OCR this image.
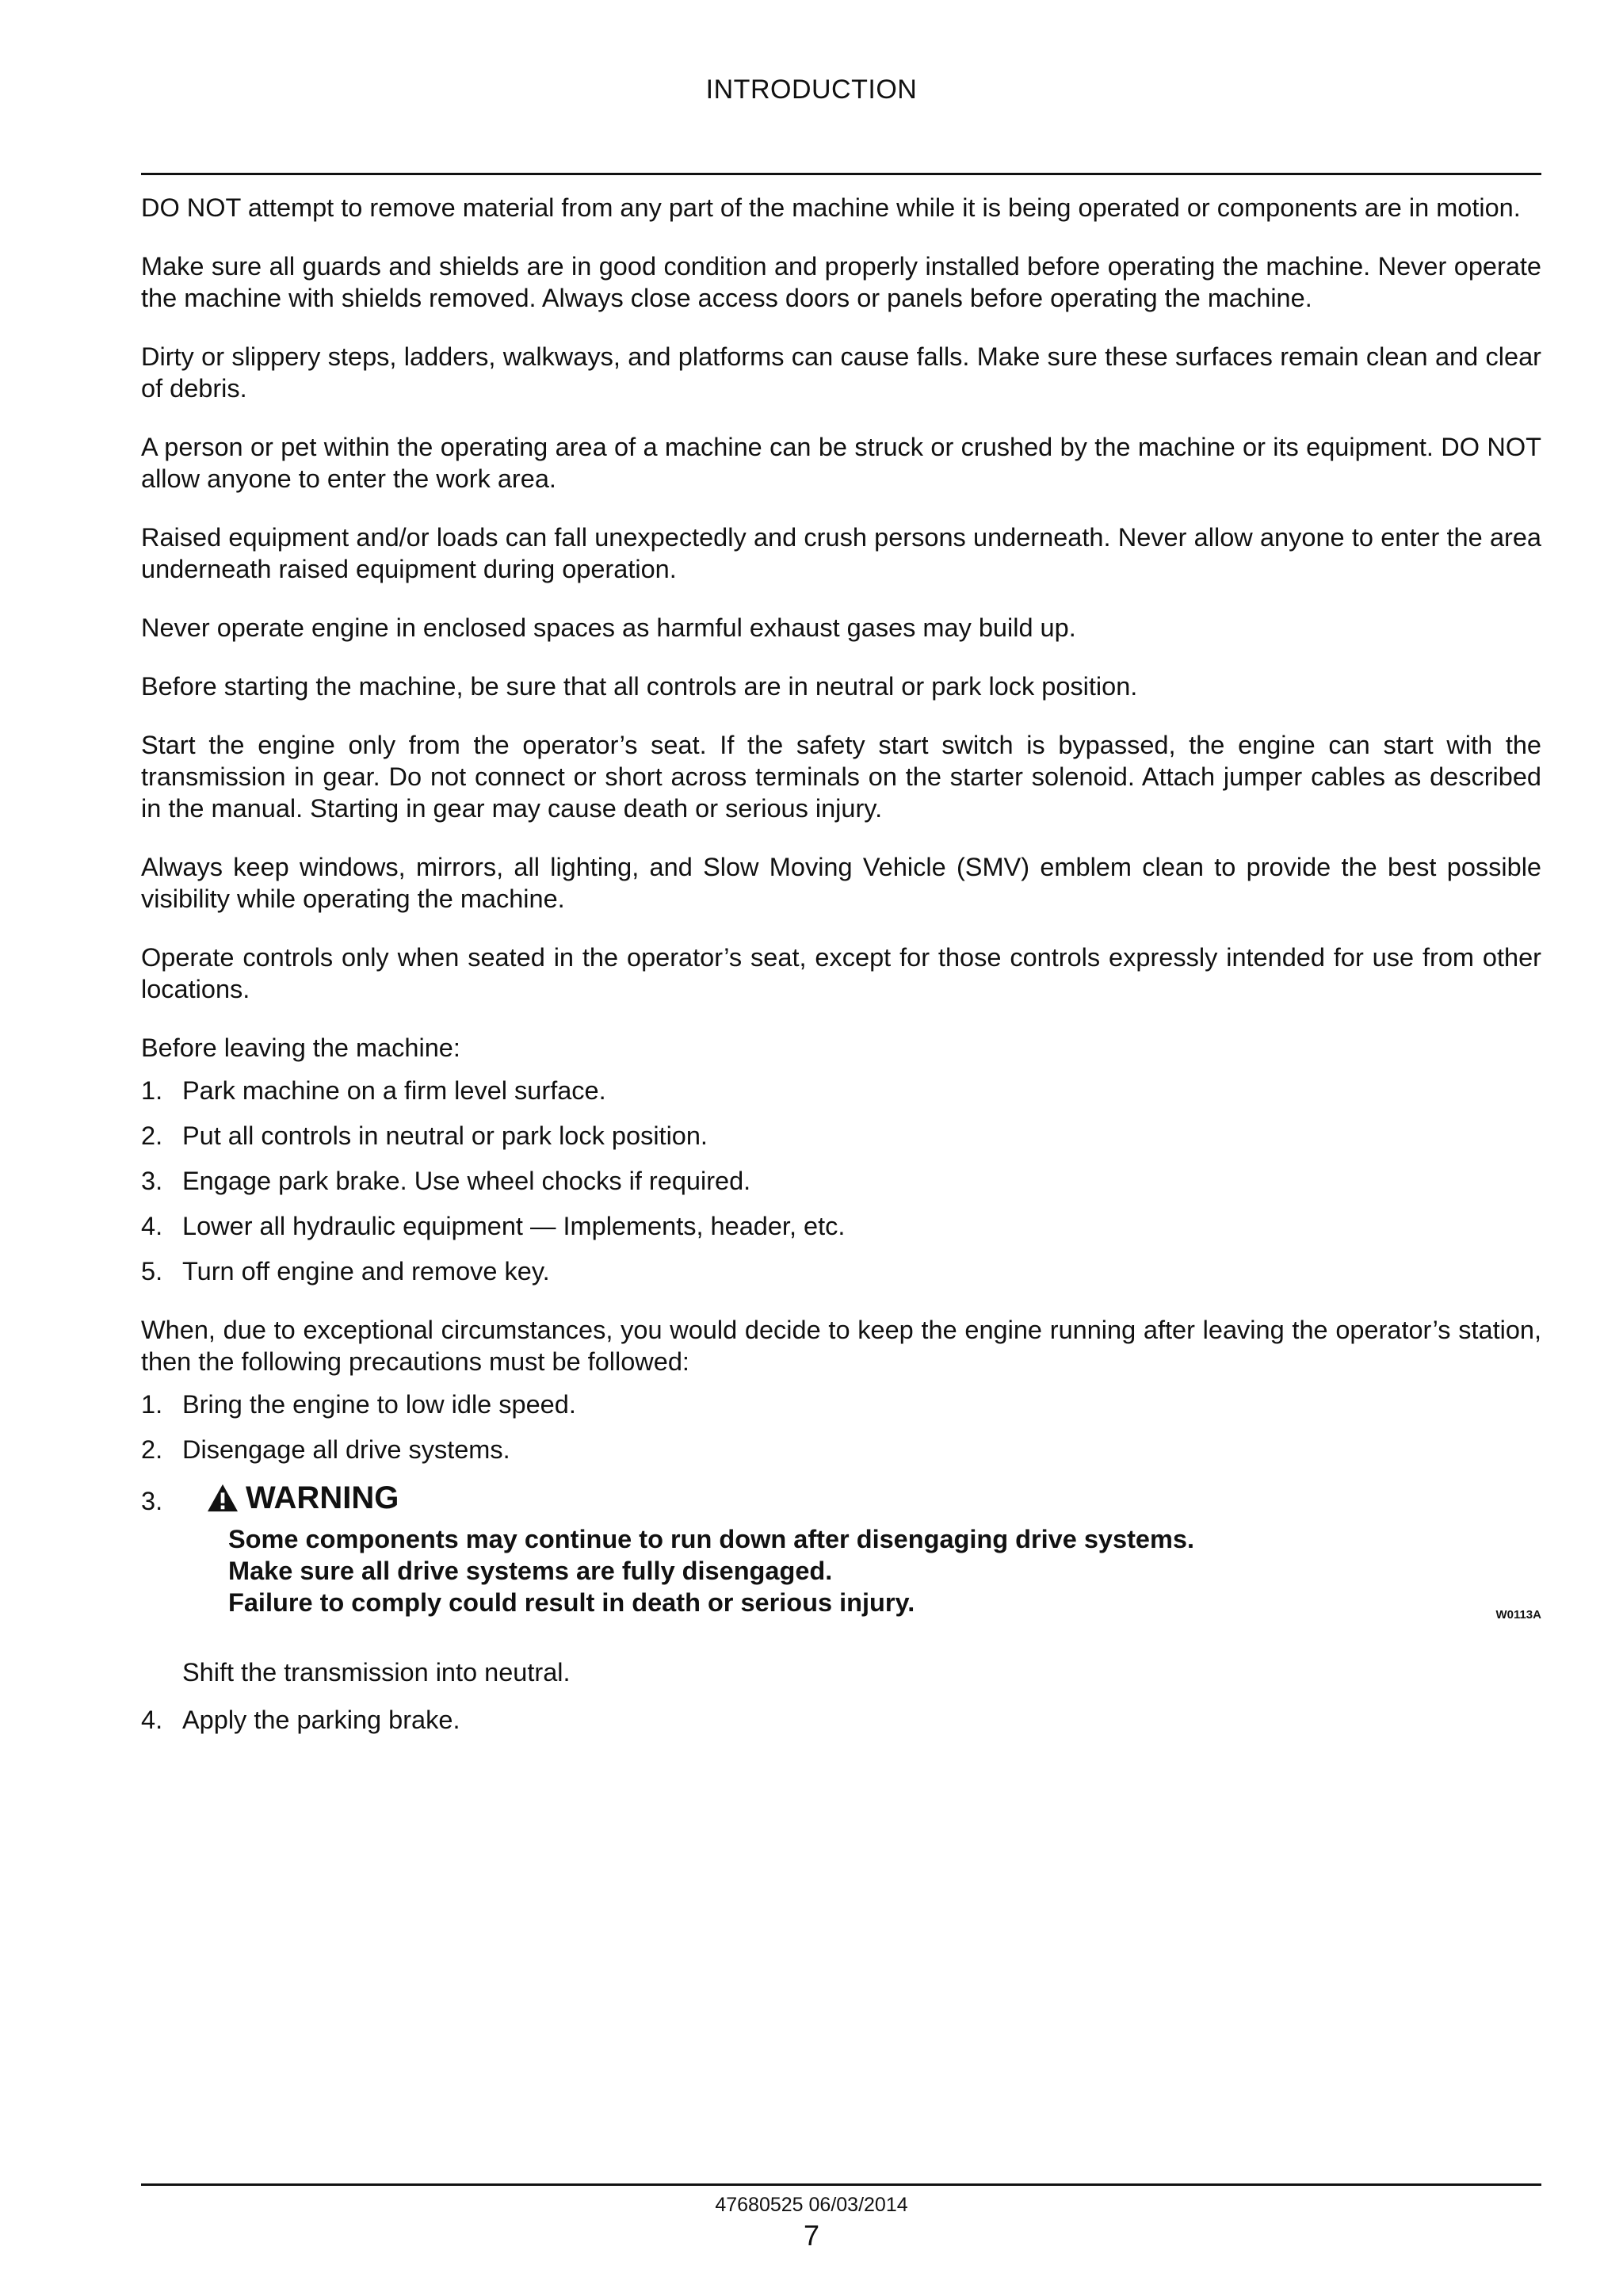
INTRODUCTION

DO NOT attempt to remove material from any part of the machine while it is being operated or components are in motion.

Make sure all guards and shields are in good condition and properly installed before operating the machine. Never operate the machine with shields removed. Always close access doors or panels before operating the machine.

Dirty or slippery steps, ladders, walkways, and platforms can cause falls. Make sure these surfaces remain clean and clear of debris.

A person or pet within the operating area of a machine can be struck or crushed by the machine or its equipment. DO NOT allow anyone to enter the work area.

Raised equipment and/or loads can fall unexpectedly and crush persons underneath. Never allow anyone to enter the area underneath raised equipment during operation.

Never operate engine in enclosed spaces as harmful exhaust gases may build up.

Before starting the machine, be sure that all controls are in neutral or park lock position.

Start the engine only from the operator’s seat. If the safety start switch is bypassed, the engine can start with the transmission in gear. Do not connect or short across terminals on the starter solenoid. Attach jumper cables as described in the manual. Starting in gear may cause death or serious injury.

Always keep windows, mirrors, all lighting, and Slow Moving Vehicle (SMV) emblem clean to provide the best possible visibility while operating the machine.

Operate controls only when seated in the operator’s seat, except for those controls expressly intended for use from other locations.

Before leaving the machine:

1. Park machine on a firm level surface.
2. Put all controls in neutral or park lock position.
3. Engage park brake. Use wheel chocks if required.
4. Lower all hydraulic equipment — Implements, header, etc.
5. Turn off engine and remove key.

When, due to exceptional circumstances, you would decide to keep the engine running after leaving the operator’s station, then the following precautions must be followed:

1. Bring the engine to low idle speed.
2. Disengage all drive systems.
3.	WARNING
Some components may continue to run down after disengaging drive systems.
Make sure all drive systems are fully disengaged.
Failure to comply could result in death or serious injury.	W0113A

Shift the transmission into neutral.

4. Apply the parking brake.
47680525 06/03/2014
7
